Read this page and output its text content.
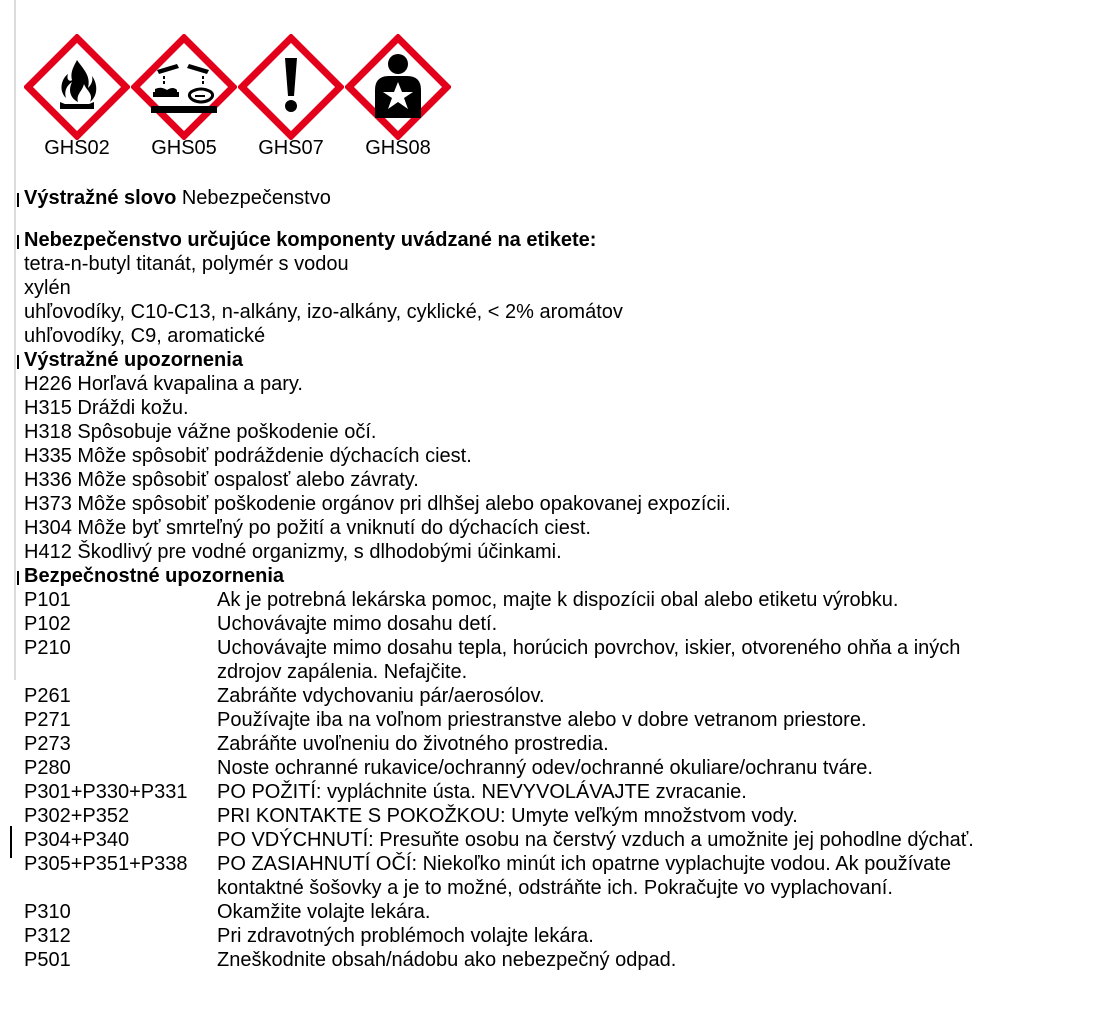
GHS02	GHS05	GHS07	GHS08
Výstražné slovo Nebezpečenstvo
Nebezpečenstvo určujúce komponenty uvádzané na etikete:
tetra-n-butyl titanát, polymér s vodou
xylén
uhľovodíky, C10-C13, n-alkány, izo-alkány, cyklické, < 2% aromátov
uhľovodíky, C9, aromatické
Výstražné upozornenia
H226 Horľavá kvapalina a pary.
H315 Dráždi kožu.
H318 Spôsobuje vážne poškodenie očí.
H335 Môže spôsobiť podráždenie dýchacích ciest.
H336 Môže spôsobiť ospalosť alebo závraty.
H373 Môže spôsobiť poškodenie orgánov pri dlhšej alebo opakovanej expozícii.
H304 Môže byť smrteľný po požití a vniknutí do dýchacích ciest.
H412 Škodlivý pre vodné organizmy, s dlhodobými účinkami.
Bezpečnostné upozornenia
P101	Ak je potrebná lekárska pomoc, majte k dispozícii obal alebo etiketu výrobku.
P102	Uchovávajte mimo dosahu detí.
P210	Uchovávajte mimo dosahu tepla, horúcich povrchov, iskier, otvoreného ohňa a iných
zdrojov zapálenia. Nefajčite.
P261	Zabráňte vdychovaniu pár/aerosólov.
P271	Používajte iba na voľnom priestranstve alebo v dobre vetranom priestore.
P273	Zabráňte uvoľneniu do životného prostredia.
P280	Noste ochranné rukavice/ochranný odev/ochranné okuliare/ochranu tváre.
P301+P330+P331 PO POŽITÍ: vypláchnite ústa. NEVYVOLÁVAJTE zvracanie.
P302+P352	PRI KONTAKTE S POKOŽKOU: Umyte veľkým množstvom vody.
P304+P340	PO VDÝCHNUTÍ: Presuňte osobu na čerstvý vzduch a umožnite jej pohodlne dýchať.
P305+P351+P338 PO ZASIAHNUTÍ OČÍ: Niekoľko minút ich opatrne vyplachujte vodou. Ak používate
kontaktné šošovky a je to možné, odstráňte ich. Pokračujte vo vyplachovaní.
P310	Okamžite volajte lekára.
P312	Pri zdravotných problémoch volajte lekára.
P501	Zneškodnite obsah/nádobu ako nebezpečný odpad.
